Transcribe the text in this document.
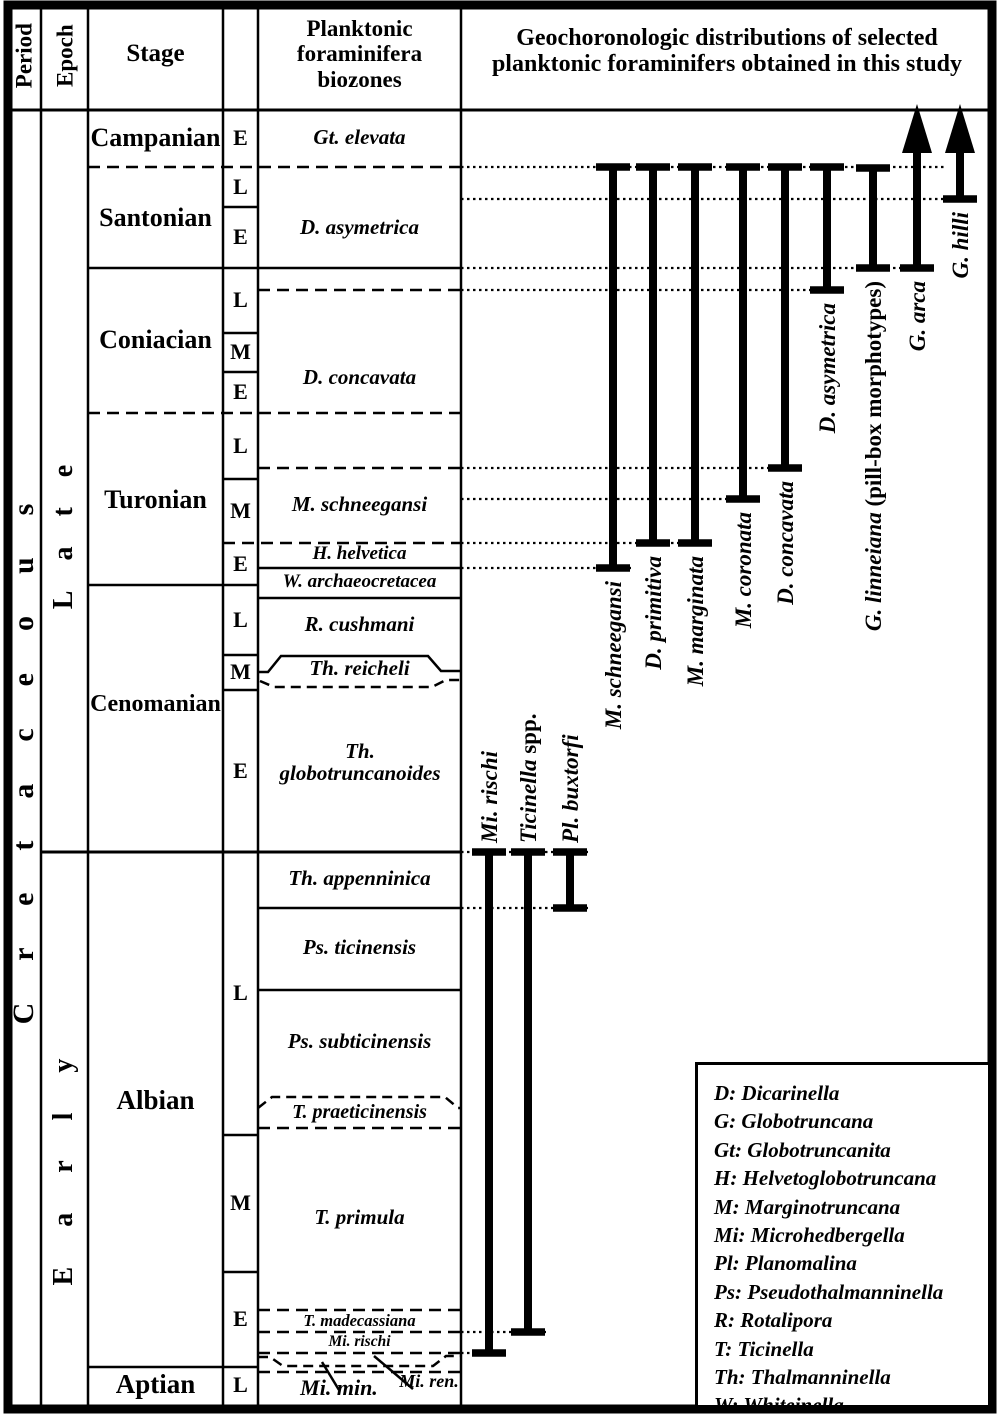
Mi. rischi Ticinella spp. Pl. buxtorfi
M. schneegansi D. primitiva M. marginata M. coronata D. concavata
D. asymetrica
G. linneiana (pill-box morphotypes) G. arca
G. hilli
Period Epoch	Stage
Planktonic foraminifera biozones
Geochoronologic distributions of selected planktonic foraminifers obtained in this study
Cretaceous Late
Early
Campanian
Santonian
Coniacian
Turonian
Cenomanian
Albian
Aptian
E
L
E
L
M
E
L
M
E
L
M
E
L
M
E
L
Gt. elevata
D. asymetrica
D. concavata
M. schneegansi
H. helvetica
W. archaeocretacea
R. cushmani
Th. reicheli
Th. globotruncanoides
Th. appenninica
Ps. ticinensis
Ps. subticinensis
T. praeticinensis
T. primula
T. madecassiana
Mi. rischi
Mi. min.	Mi. ren.
D: Dicarinella
G: Globotruncana
Gt: Globotruncanita
H: Helvetoglobotruncana
M: Marginotruncana
Mi: Microhedbergella
Pl: Planomalina
Ps: Pseudothalmanninella
R: Rotalipora
T: Ticinella
Th: Thalmanninella
W: Whiteinella
